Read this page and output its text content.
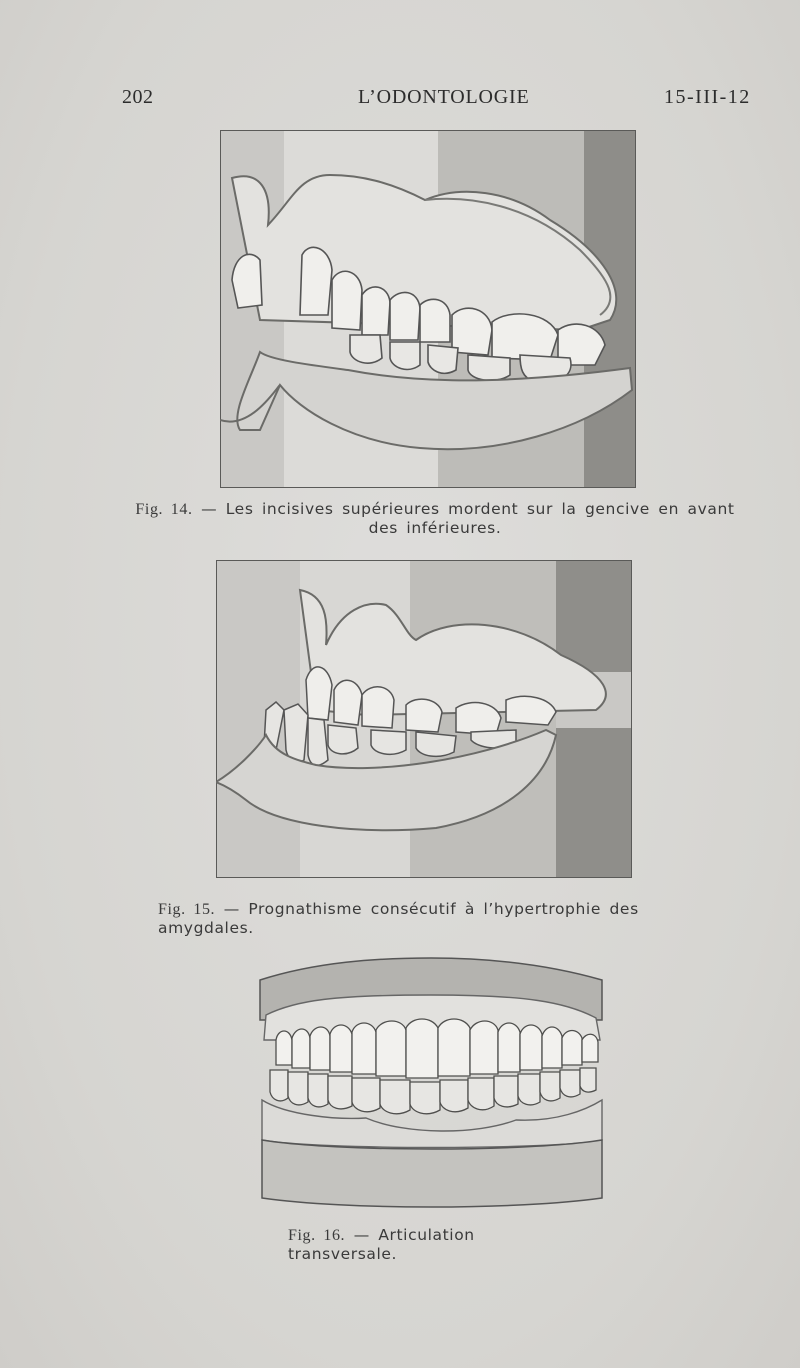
202	L’ODONTOLOGIE	15-III-12
Fig. 14. — Les incisives supérieures mordent sur la gencive en avant des inférieures.
Fig. 15. — Prognathisme consécutif à l’hypertrophie des amygdales.
Fig. 16. — Articulation transversale.
